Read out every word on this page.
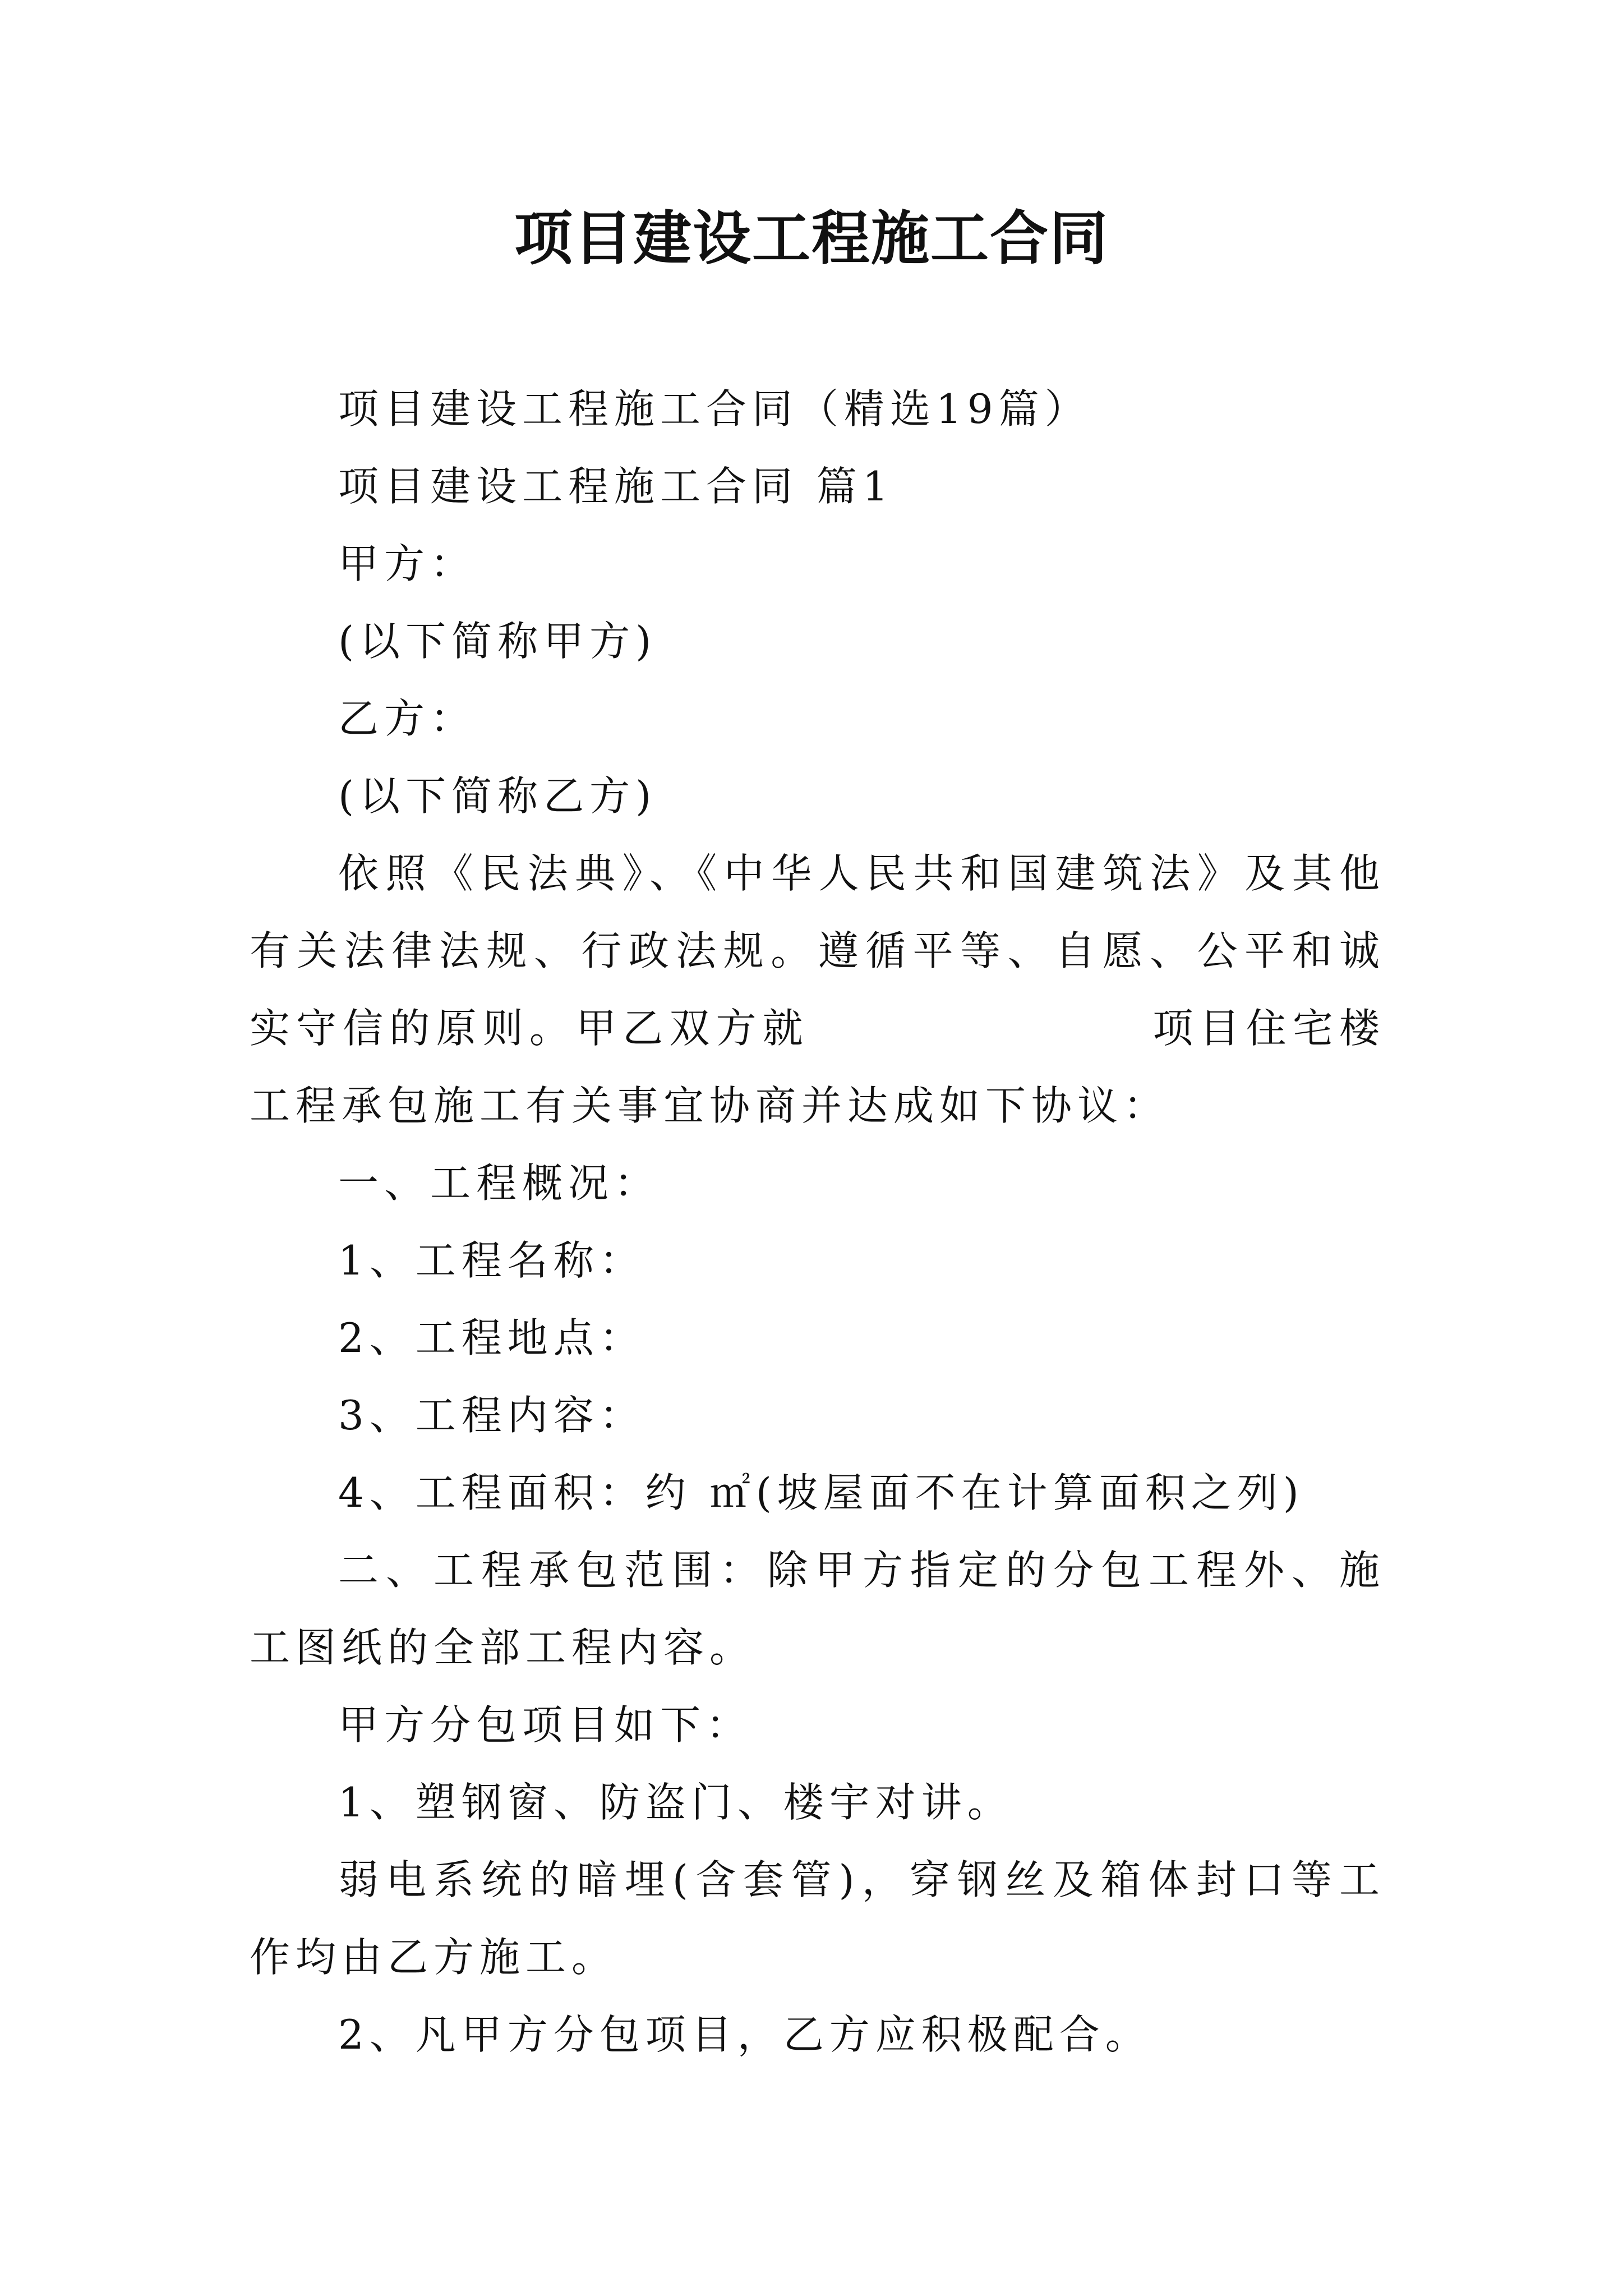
项目建设工程施工合同

项目建设工程施工合同（精选19篇）

项目建设工程施工合同 篇1

甲方：

(以下简称甲方)

乙方：

(以下简称乙方)

依照《民法典》、《中华人民共和国建筑法》及其他有关法律法规、行政法规。遵循平等、自愿、公平和诚实守信的原则。甲乙双方就                  项目住宅楼工程承包施工有关事宜协商并达成如下协议：

一、工程概况：

1、工程名称：

2、工程地点：

3、工程内容：

4、工程面积：约 ㎡(坡屋面不在计算面积之列)

二、工程承包范围：除甲方指定的分包工程外、施工图纸的全部工程内容。

甲方分包项目如下：

1、塑钢窗、防盗门、楼宇对讲。

弱电系统的暗埋(含套管)，穿钢丝及箱体封口等工作均由乙方施工。

2、凡甲方分包项目，乙方应积极配合。
